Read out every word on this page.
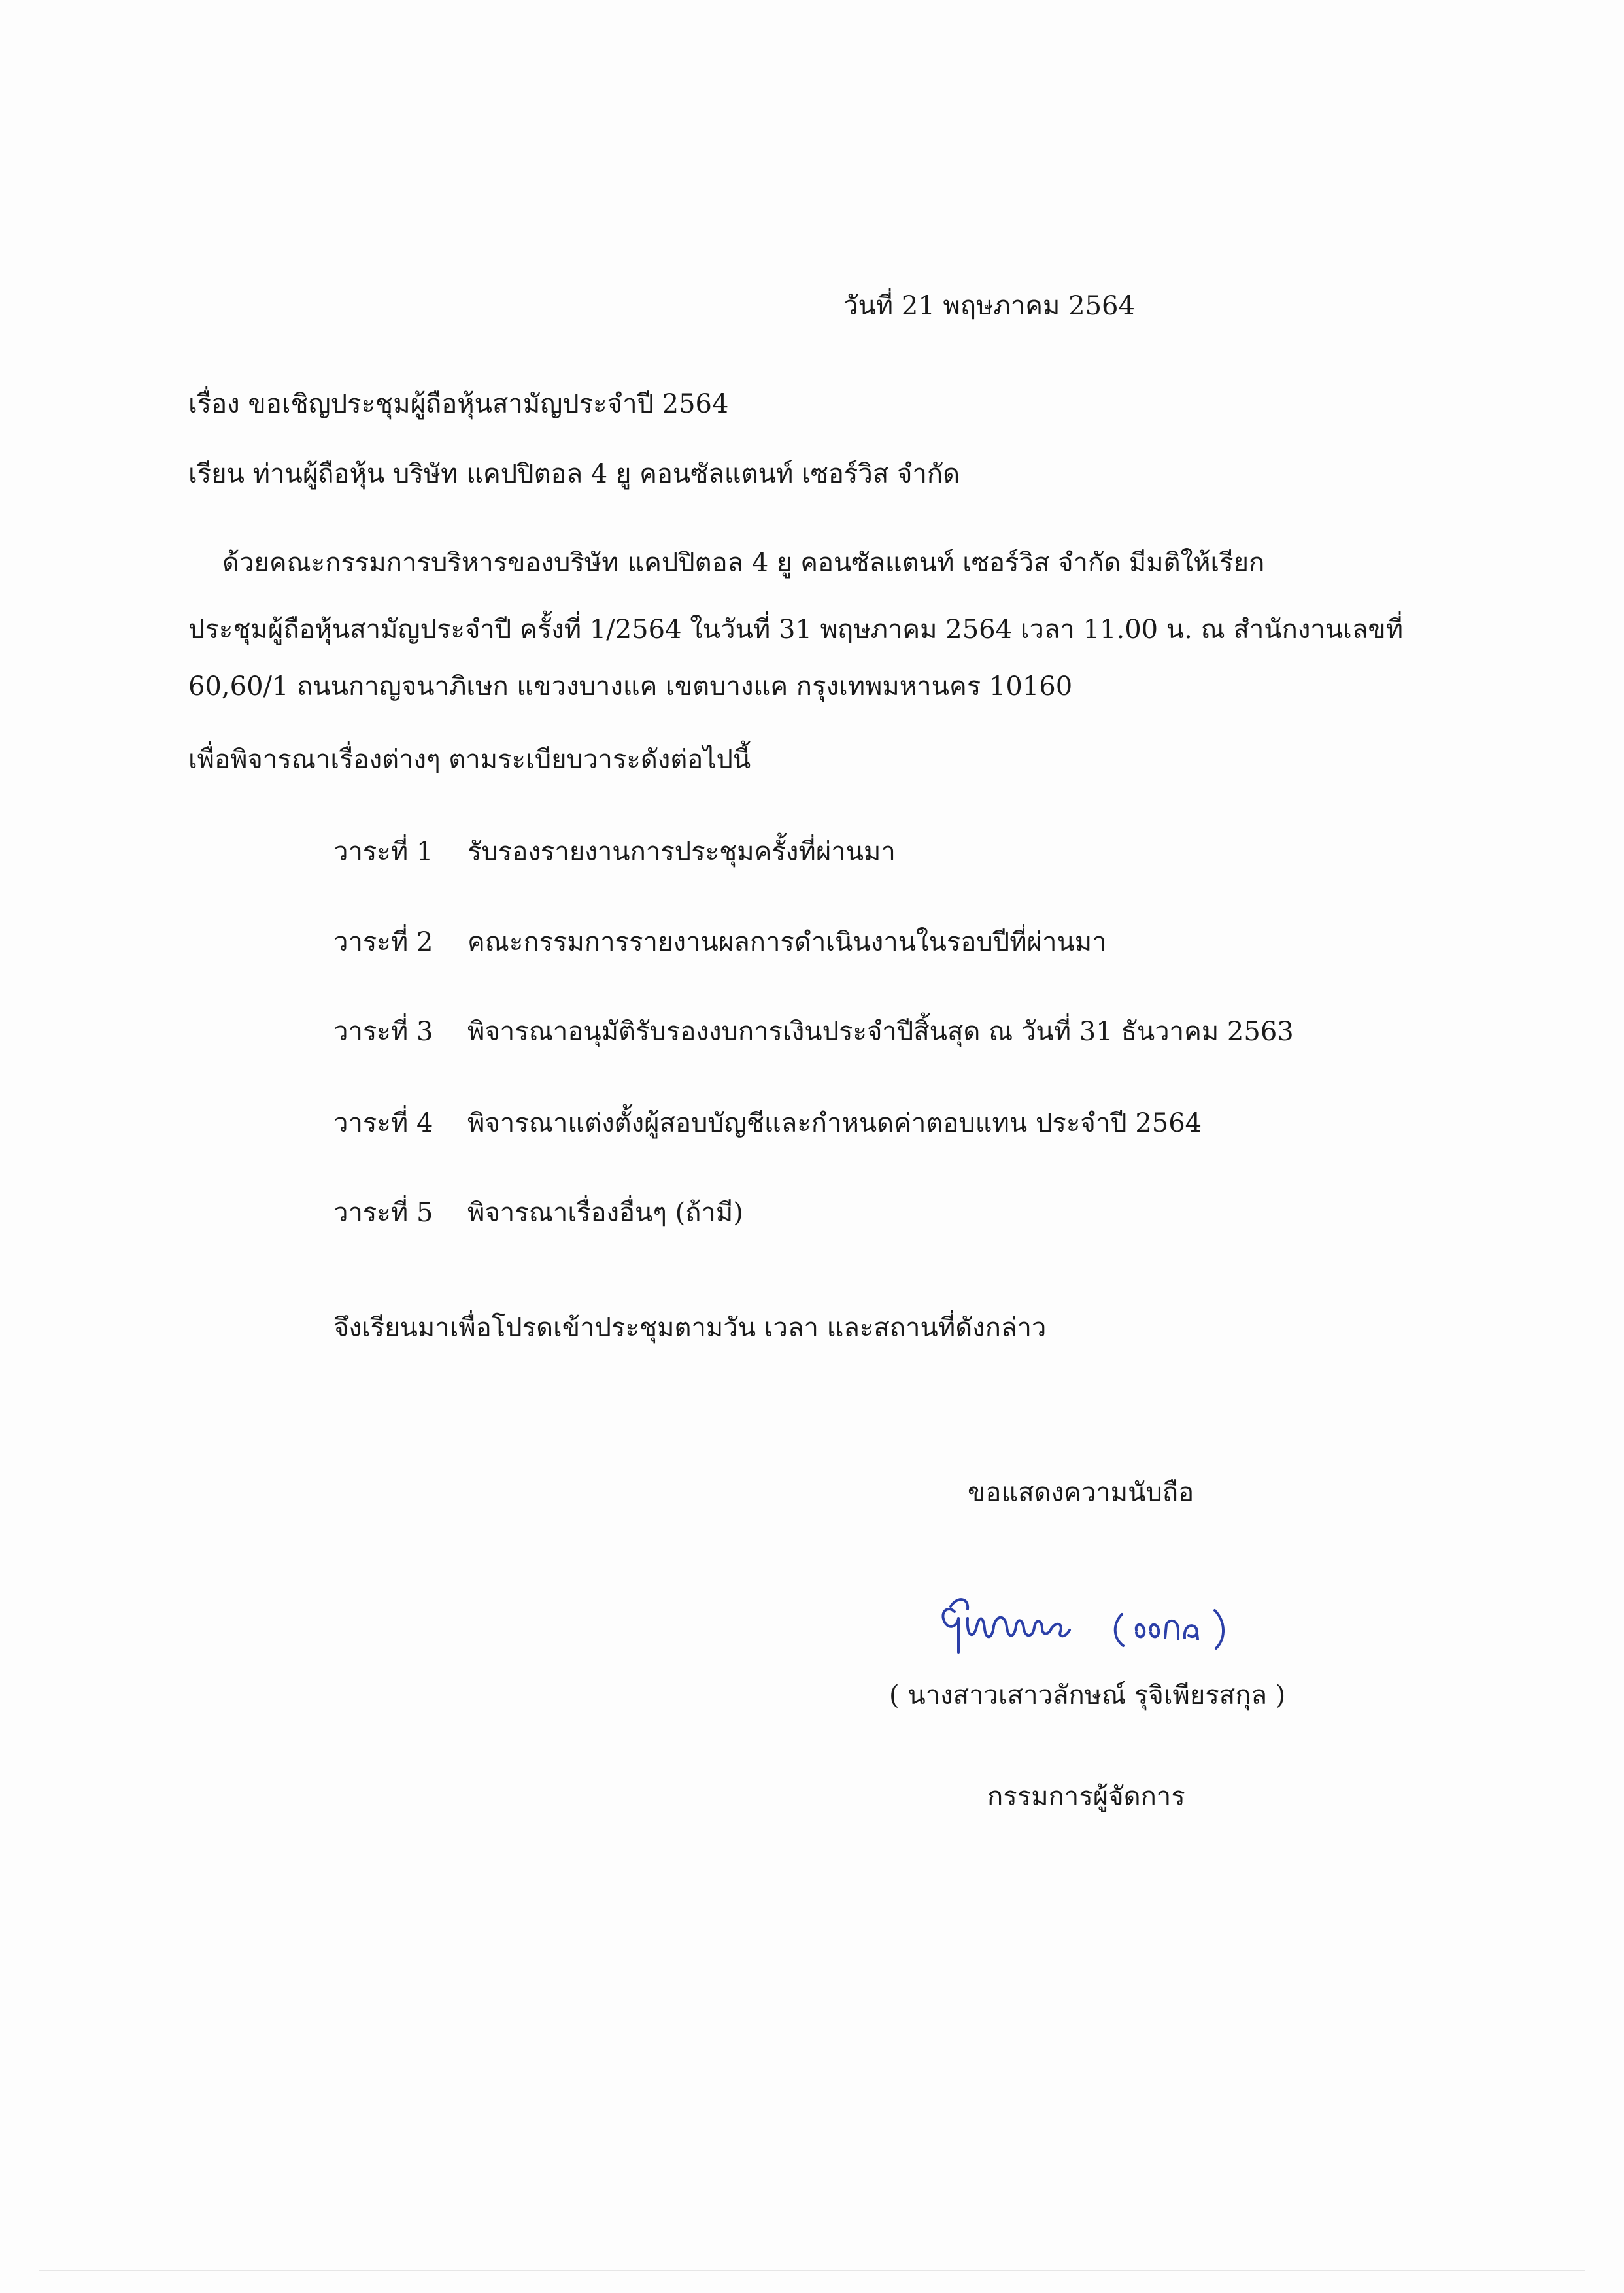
วันที่ 21 พฤษภาคม 2564
เรื่อง ขอเชิญประชุมผู้ถือหุ้นสามัญประจำปี 2564
เรียน ท่านผู้ถือหุ้น บริษัท แคปปิตอล 4 ยู คอนซัลแตนท์ เซอร์วิส จำกัด
ด้วยคณะกรรมการบริหารของบริษัท แคปปิตอล 4 ยู คอนซัลแตนท์ เซอร์วิส จำกัด มีมติให้เรียก
ประชุมผู้ถือหุ้นสามัญประจำปี ครั้งที่ 1/2564 ในวันที่ 31 พฤษภาคม 2564 เวลา 11.00 น. ณ สำนักงานเลขที่
60,60/1 ถนนกาญจนาภิเษก แขวงบางแค เขตบางแค กรุงเทพมหานคร 10160
เพื่อพิจารณาเรื่องต่างๆ ตามระเบียบวาระดังต่อไปนี้
วาระที่ 1 รับรองรายงานการประชุมครั้งที่ผ่านมา
วาระที่ 2 คณะกรรมการรายงานผลการดำเนินงานในรอบปีที่ผ่านมา
วาระที่ 3 พิจารณาอนุมัติรับรองงบการเงินประจำปีสิ้นสุด ณ วันที่ 31 ธันวาคม 2563
วาระที่ 4 พิจารณาแต่งตั้งผู้สอบบัญชีและกำหนดค่าตอบแทน ประจำปี 2564
วาระที่ 5 พิจารณาเรื่องอื่นๆ (ถ้ามี)
จึงเรียนมาเพื่อโปรดเข้าประชุมตามวัน เวลา และสถานที่ดังกล่าว
ขอแสดงความนับถือ
( นางสาวเสาวลักษณ์ รุจิเพียรสกุล )
กรรมการผู้จัดการ
